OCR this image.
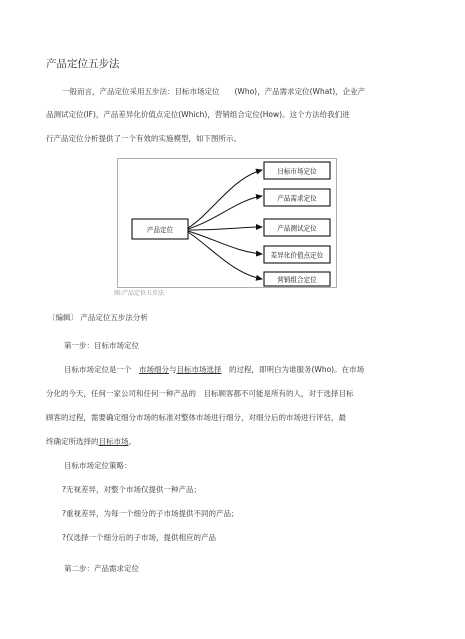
产品定位五步法
一般而言，产品定位采用五步法：目标市场定位　　(Who)，产品需求定位(What)，企业产
品测试定位(IF)，产品差异化价值点定位(Which)，营销组合定位(How)。这个方法给我们进
行产品定位分析提供了一个有效的实施模型，如下图所示。
产品定位
目标市场定位
产品需求定位
产品测试定位
差异化价值点定位
营销组合定位
图:产品定位五步法
〔编辑〕 产品定位五步法分析
第一步：目标市场定位
目标市场定位是一个　市场细分与目标市场选择　的过程，即明白为谁服务(Who)。在市场
分化的今天，任何一家公司和任何一种产品的　目标顾客都不可能是所有的人，对于选择目标
顾客的过程，需要确定细分市场的标准对整体市场进行细分，对细分后的市场进行评估，最
终确定所选择的目标市场。
目标市场定位策略：
?无视差异，对整个市场仅提供一种产品；
?重视差异，为每一个细分的子市场提供不同的产品；
?仅选择一个细分后的子市场，提供相应的产品
第二步：产品需求定位
